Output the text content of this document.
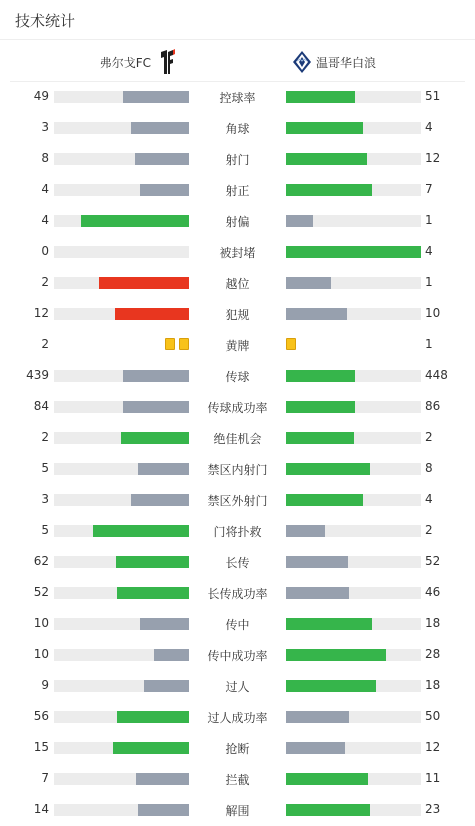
技术统计
弗尔戈FC	温哥华白浪
49	控球率	51
3	角球	4
8	射门	12
4	射正	7
4	射偏	1
0	被封堵	4
2	越位	1
12	犯规	10
2	黄牌	1
439	传球	448
84	传球成功率	86
2	绝佳机会	2
5	禁区内射门	8
3	禁区外射门	4
5	门将扑救	2
62	长传	52
52	长传成功率	46
10	传中	18
10	传中成功率	28
9	过人	18
56	过人成功率	50
15	抢断	12
7	拦截	11
14	解围	23
